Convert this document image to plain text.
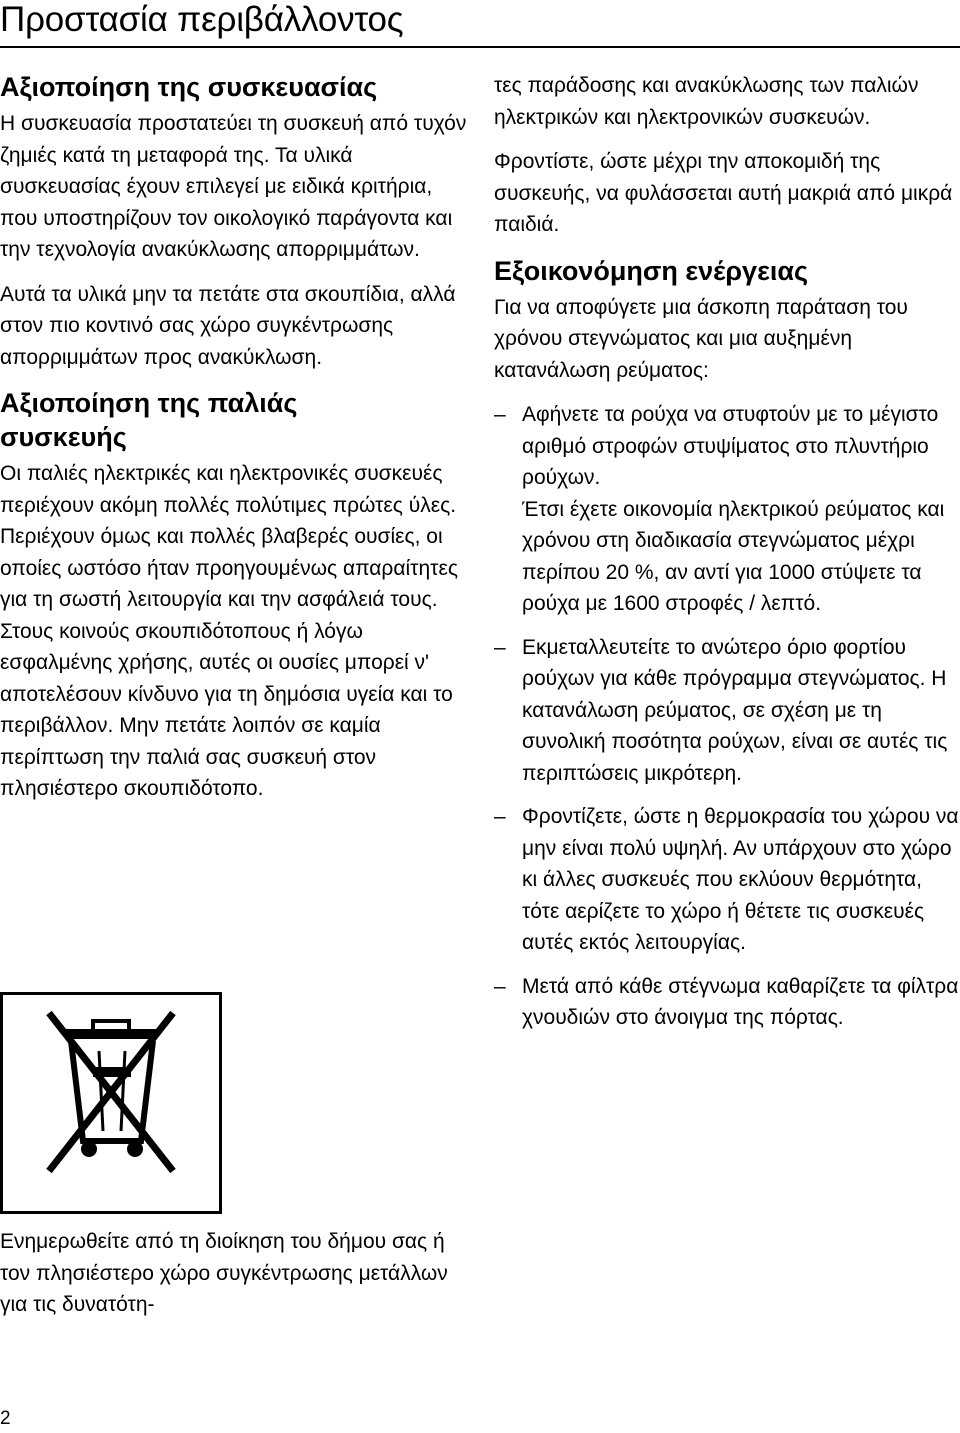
Προστασία περιβάλλοντος
Αξιοποίηση της συσκευασίας

Η συσκευασία προστατεύει τη συσκευή από τυχόν ζημιές κατά τη μεταφορά της. Τα υλικά συσκευασίας έχουν επιλεγεί με ειδικά κριτήρια, που υποστηρίζουν τον οικολογικό παράγοντα και την τεχνολογία ανακύκλωσης απορριμμάτων.

Αυτά τα υλικά μην τα πετάτε στα σκουπίδια, αλλά στον πιο κοντινό σας χώρο συγκέντρωσης απορριμμάτων προς ανακύκλωση.

Αξιοποίηση της παλιάς συσκευής

Οι παλιές ηλεκτρικές και ηλεκτρονικές συσκευές περιέχουν ακόμη πολλές πολύτιμες πρώτες ύλες. Περιέχουν όμως και πολλές βλαβερές ουσίες, οι οποίες ωστόσο ήταν προηγουμένως απαραίτητες για τη σωστή λειτουργία και την ασφάλειά τους. Στους κοινούς σκουπιδότοπους ή λόγω εσφαλμένης χρήσης, αυτές οι ουσίες μπορεί ν' αποτελέσουν κίνδυνο για τη δημόσια υγεία και το περιβάλλον. Μην πετάτε λοιπόν σε καμία περίπτωση την παλιά σας συσκευή στον πλησιέστερο σκουπιδότοπο.

Ενημερωθείτε από τη διοίκηση του δήμου σας ή τον πλησιέστερο χώρο συγκέντρωσης μετάλλων για τις δυνατότη-

τες παράδοσης και ανακύκλωσης των παλιών ηλεκτρικών και ηλεκτρονικών συσκευών.

Φροντίστε, ώστε μέχρι την αποκομιδή της συσκευής, να φυλάσσεται αυτή μακριά από μικρά παιδιά.

Εξοικονόμηση ενέργειας

Για να αποφύγετε μια άσκοπη παράταση του χρόνου στεγνώματος και μια αυξημένη κατανάλωση ρεύματος:

– Αφήνετε τα ρούχα να στυφτούν με το μέγιστο αριθμό στροφών στυψίματος στο πλυντήριο ρούχων.
Έτσι έχετε οικονομία ηλεκτρικού ρεύματος και χρόνου στη διαδικασία στεγνώματος μέχρι περίπου 20 %, αν αντί για 1000 στύψετε τα ρούχα με 1600 στροφές / λεπτό.
– Εκμεταλλευτείτε το ανώτερο όριο φορτίου ρούχων για κάθε πρόγραμμα στεγνώματος. Η κατανάλωση ρεύματος, σε σχέση με τη συνολική ποσότητα ρούχων, είναι σε αυτές τις περιπτώσεις μικρότερη.
– Φροντίζετε, ώστε η θερμοκρασία του χώρου να μην είναι πολύ υψηλή. Αν υπάρχουν στο χώρο κι άλλες συσκευές που εκλύουν θερμότητα, τότε αερίζετε το χώρο ή θέτετε τις συσκευές αυτές εκτός λειτουργίας.
– Μετά από κάθε στέγνωμα καθαρίζετε τα φίλτρα χνουδιών στο άνοιγμα της πόρτας.
2
